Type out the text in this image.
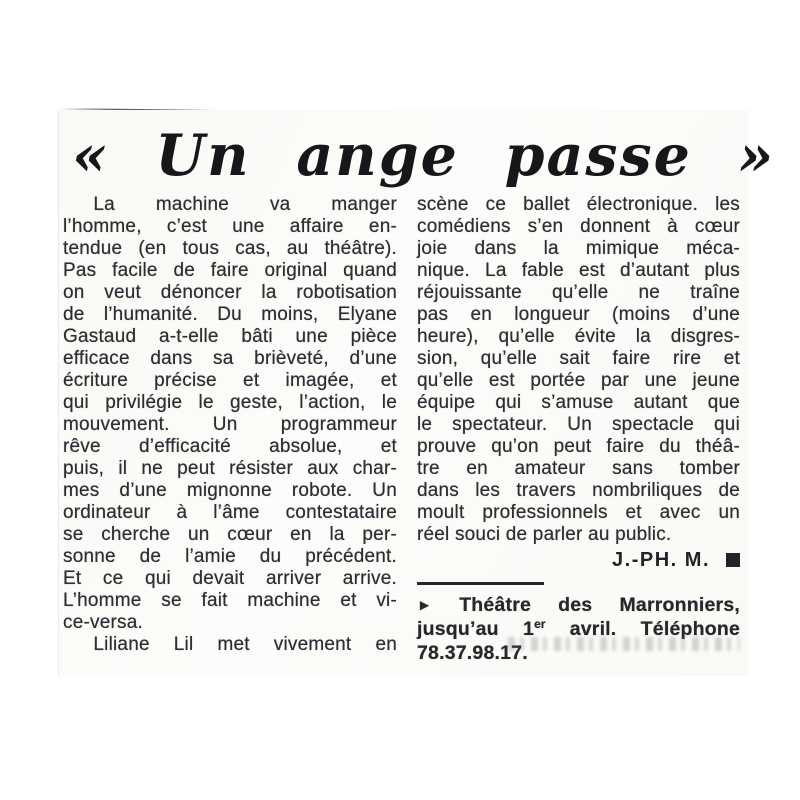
« Un ange passe »
La machine va manger
l’homme, c’est une affaire en-
tendue (en tous cas, au théâtre).
Pas facile de faire original quand
on veut dénoncer la robotisation
de l’humanité. Du moins, Elyane
Gastaud a-t-elle bâti une pièce
efficace dans sa brièveté, d’une
écriture précise et imagée, et
qui privilégie le geste, l’action, le
mouvement. Un programmeur
rêve d’efficacité absolue, et
puis, il ne peut résister aux char-
mes d’une mignonne robote. Un
ordinateur à l’âme contestataire
se cherche un cœur en la per-
sonne de l’amie du précédent.
Et ce qui devait arriver arrive.
L’homme se fait machine et vi-
ce-versa.
Liliane Lil met vivement en
scène ce ballet électronique. les
comédiens s’en donnent à cœur
joie dans la mimique méca-
nique. La fable est d’autant plus
réjouissante qu’elle ne traîne
pas en longueur (moins d’une
heure), qu’elle évite la disgres-
sion, qu’elle sait faire rire et
qu’elle est portée par une jeune
équipe qui s’amuse autant que
le spectateur. Un spectacle qui
prouve qu’on peut faire du théâ-
tre en amateur sans tomber
dans les travers nombriliques de
moult professionnels et avec un
réel souci de parler au public.
J.-PH. M.
► Théâtre des Marronniers,
jusqu’au 1er avril. Téléphone
78.37.98.17.
